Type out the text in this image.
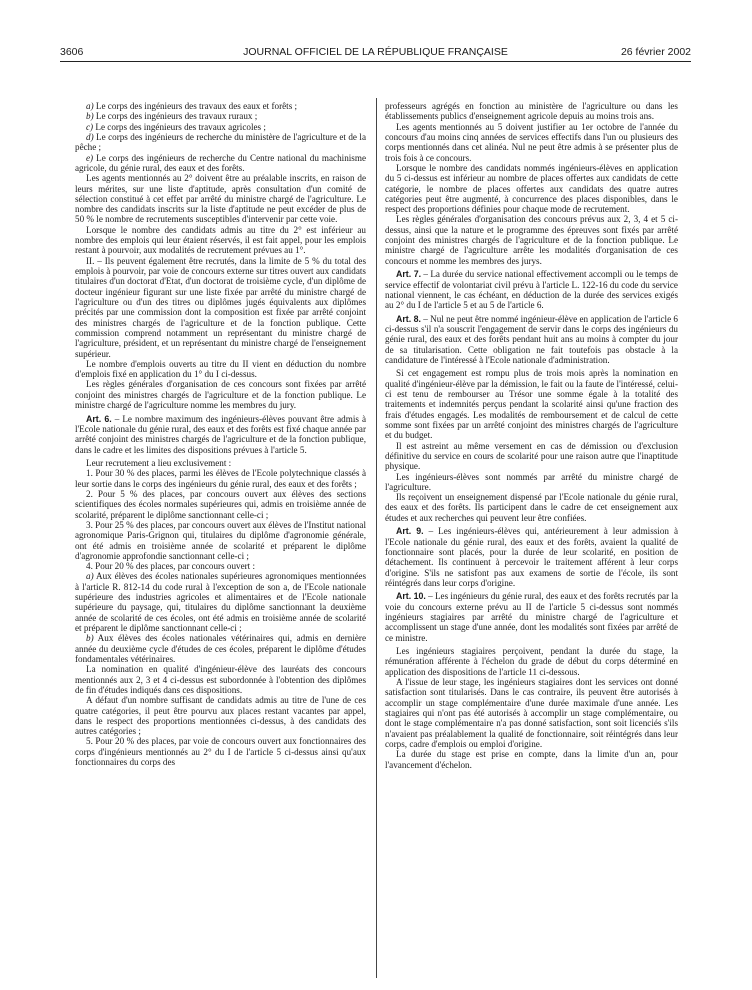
3606	JOURNAL OFFICIEL DE LA RÉPUBLIQUE FRANÇAISE	26 février 2002

a) Le corps des ingénieurs des travaux des eaux et forêts ;

b) Le corps des ingénieurs des travaux ruraux ;

c) Le corps des ingénieurs des travaux agricoles ;

d) Le corps des ingénieurs de recherche du ministère de l'agriculture et de la pêche ;

e) Le corps des ingénieurs de recherche du Centre national du machinisme agricole, du génie rural, des eaux et des forêts.

Les agents mentionnés au 2° doivent être au préalable inscrits, en raison de leurs mérites, sur une liste d'aptitude, après consultation d'un comité de sélection constitué à cet effet par arrêté du ministre chargé de l'agriculture. Le nombre des candidats inscrits sur la liste d'aptitude ne peut excéder de plus de 50 % le nombre de recrutements susceptibles d'intervenir par cette voie.

Lorsque le nombre des candidats admis au titre du 2° est inférieur au nombre des emplois qui leur étaient réservés, il est fait appel, pour les emplois restant à pourvoir, aux modalités de recrutement prévues au 1°.

II. – Ils peuvent également être recrutés, dans la limite de 5 % du total des emplois à pourvoir, par voie de concours externe sur titres ouvert aux candidats titulaires d'un doctorat d'Etat, d'un doctorat de troisième cycle, d'un diplôme de docteur ingénieur figurant sur une liste fixée par arrêté du ministre chargé de l'agriculture ou d'un des titres ou diplômes jugés équivalents aux diplômes précités par une commission dont la composition est fixée par arrêté conjoint des ministres chargés de l'agriculture et de la fonction publique. Cette commission comprend notamment un représentant du ministre chargé de l'agriculture, président, et un représentant du ministre chargé de l'enseignement supérieur.

Le nombre d'emplois ouverts au titre du II vient en déduction du nombre d'emplois fixé en application du 1° du I ci-dessus.

Les règles générales d'organisation de ces concours sont fixées par arrêté conjoint des ministres chargés de l'agriculture et de la fonction publique. Le ministre chargé de l'agriculture nomme les membres du jury.

Art. 6. – Le nombre maximum des ingénieurs-élèves pouvant être admis à l'Ecole nationale du génie rural, des eaux et des forêts est fixé chaque année par arrêté conjoint des ministres chargés de l'agriculture et de la fonction publique, dans le cadre et les limites des dispositions prévues à l'article 5.

Leur recrutement a lieu exclusivement :

1. Pour 30 % des places, parmi les élèves de l'Ecole polytechnique classés à leur sortie dans le corps des ingénieurs du génie rural, des eaux et des forêts ;

2. Pour 5 % des places, par concours ouvert aux élèves des sections scientifiques des écoles normales supérieures qui, admis en troisième année de scolarité, préparent le diplôme sanctionnant celle-ci ;

3. Pour 25 % des places, par concours ouvert aux élèves de l'Institut national agronomique Paris-Grignon qui, titulaires du diplôme d'agronomie générale, ont été admis en troisième année de scolarité et préparent le diplôme d'agronomie approfondie sanctionnant celle-ci ;

4. Pour 20 % des places, par concours ouvert :

a) Aux élèves des écoles nationales supérieures agronomiques mentionnées à l'article R. 812-14 du code rural à l'exception de son a, de l'Ecole nationale supérieure des industries agricoles et alimentaires et de l'Ecole nationale supérieure du paysage, qui, titulaires du diplôme sanctionnant la deuxième année de scolarité de ces écoles, ont été admis en troisième année de scolarité et préparent le diplôme sanctionnant celle-ci ;

b) Aux élèves des écoles nationales vétérinaires qui, admis en dernière année du deuxième cycle d'études de ces écoles, préparent le diplôme d'études fondamentales vétérinaires.

La nomination en qualité d'ingénieur-élève des lauréats des concours mentionnés aux 2, 3 et 4 ci-dessus est subordonnée à l'obtention des diplômes de fin d'études indiqués dans ces dispositions.

A défaut d'un nombre suffisant de candidats admis au titre de l'une de ces quatre catégories, il peut être pourvu aux places restant vacantes par appel, dans le respect des proportions mentionnées ci-dessus, à des candidats des autres catégories ;

5. Pour 20 % des places, par voie de concours ouvert aux fonctionnaires des corps d'ingénieurs mentionnés au 2° du I de l'article 5 ci-dessus ainsi qu'aux fonctionnaires du corps des

professeurs agrégés en fonction au ministère de l'agriculture ou dans les établissements publics d'enseignement agricole depuis au moins trois ans.

Les agents mentionnés au 5 doivent justifier au 1er octobre de l'année du concours d'au moins cinq années de services effectifs dans l'un ou plusieurs des corps mentionnés dans cet alinéa. Nul ne peut être admis à se présenter plus de trois fois à ce concours.

Lorsque le nombre des candidats nommés ingénieurs-élèves en application du 5 ci-dessus est inférieur au nombre de places offertes aux candidats de cette catégorie, le nombre de places offertes aux candidats des quatre autres catégories peut être augmenté, à concurrence des places disponibles, dans le respect des proportions définies pour chaque mode de recrutement.

Les règles générales d'organisation des concours prévus aux 2, 3, 4 et 5 ci-dessus, ainsi que la nature et le programme des épreuves sont fixés par arrêté conjoint des ministres chargés de l'agriculture et de la fonction publique. Le ministre chargé de l'agriculture arrête les modalités d'organisation de ces concours et nomme les membres des jurys.

Art. 7. – La durée du service national effectivement accompli ou le temps de service effectif de volontariat civil prévu à l'article L. 122-16 du code du service national viennent, le cas échéant, en déduction de la durée des services exigés au 2° du I de l'article 5 et au 5 de l'article 6.

Art. 8. – Nul ne peut être nommé ingénieur-élève en application de l'article 6 ci-dessus s'il n'a souscrit l'engagement de servir dans le corps des ingénieurs du génie rural, des eaux et des forêts pendant huit ans au moins à compter du jour de sa titularisation. Cette obligation ne fait toutefois pas obstacle à la candidature de l'intéressé à l'Ecole nationale d'administration.

Si cet engagement est rompu plus de trois mois après la nomination en qualité d'ingénieur-élève par la démission, le fait ou la faute de l'intéressé, celui-ci est tenu de rembourser au Trésor une somme égale à la totalité des traitements et indemnités perçus pendant la scolarité ainsi qu'une fraction des frais d'études engagés. Les modalités de remboursement et de calcul de cette somme sont fixées par un arrêté conjoint des ministres chargés de l'agriculture et du budget.

Il est astreint au même versement en cas de démission ou d'exclusion définitive du service en cours de scolarité pour une raison autre que l'inaptitude physique.

Les ingénieurs-élèves sont nommés par arrêté du ministre chargé de l'agriculture.

Ils reçoivent un enseignement dispensé par l'Ecole nationale du génie rural, des eaux et des forêts. Ils participent dans le cadre de cet enseignement aux études et aux recherches qui peuvent leur être confiées.

Art. 9. – Les ingénieurs-élèves qui, antérieurement à leur admission à l'Ecole nationale du génie rural, des eaux et des forêts, avaient la qualité de fonctionnaire sont placés, pour la durée de leur scolarité, en position de détachement. Ils continuent à percevoir le traitement afférent à leur corps d'origine. S'ils ne satisfont pas aux examens de sortie de l'école, ils sont réintégrés dans leur corps d'origine.

Art. 10. – Les ingénieurs du génie rural, des eaux et des forêts recrutés par la voie du concours externe prévu au II de l'article 5 ci-dessus sont nommés ingénieurs stagiaires par arrêté du ministre chargé de l'agriculture et accomplissent un stage d'une année, dont les modalités sont fixées par arrêté de ce ministre.

Les ingénieurs stagiaires perçoivent, pendant la durée du stage, la rémunération afférente à l'échelon du grade de début du corps déterminé en application des dispositions de l'article 11 ci-dessous.

A l'issue de leur stage, les ingénieurs stagiaires dont les services ont donné satisfaction sont titularisés. Dans le cas contraire, ils peuvent être autorisés à accomplir un stage complémentaire d'une durée maximale d'une année. Les stagiaires qui n'ont pas été autorisés à accomplir un stage complémentaire, ou dont le stage complémentaire n'a pas donné satisfaction, sont soit licenciés s'ils n'avaient pas préalablement la qualité de fonctionnaire, soit réintégrés dans leur corps, cadre d'emplois ou emploi d'origine.

La durée du stage est prise en compte, dans la limite d'un an, pour l'avancement d'échelon.
